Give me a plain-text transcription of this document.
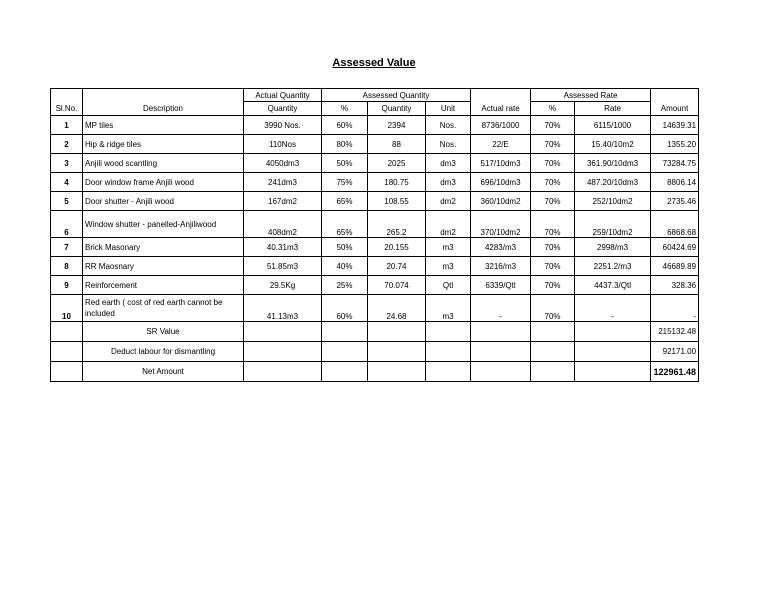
Assessed Value
		Actual Quantity	Assessed Quantity				Assessed Rate		
Sl.No.	Description	Quantity	%	Quantity	Unit	Actual rate	%	Rate	Amount
1	MP tiles	3990 Nos.	60%	2394	Nos.	8736/1000	70%	6115/1000	14639.31
2	Hip & ridge tiles	110Nos	80%	88	Nos.	22/E	70%	15.40/10m2	1355.20
3	Anjili wood scantling	4050dm3	50%	2025	dm3	517/10dm3	70%	361.90/10dm3	73284.75
4	Door window frame Anjili wood	241dm3	75%	180.75	dm3	696/10dm3	70%	487.20/10dm3	8806.14
5	Door shutter - Anjili wood	167dm2	65%	108.55	dm2	360/10dm2	70%	252/10dm2	2735.46
6	Window shutter - panelled-Anjiliwood	408dm2	65%	265.2	dm2	370/10dm2	70%	259/10dm2	6868.68
7	Brick Masonary	40.31m3	50%	20.155	m3	4283/m3	70%	2998/m3	60424.69
8	RR Maosnary	51.85m3	40%	20.74	m3	3216/m3	70%	2251.2/m3	46689.89
9	Reinforcement	29.5Kg	25%	70.074	Qtl	6339/Qtl	70%	4437.3/Qtl	328.36
10	Red earth ( cost of red earth cannot be included	41.13m3	60%	24.68	m3	-	70%	-	-
	SR Value								215132.48
	Deduct labour for dismantling								92171.00
	Net Amount								122961.48
